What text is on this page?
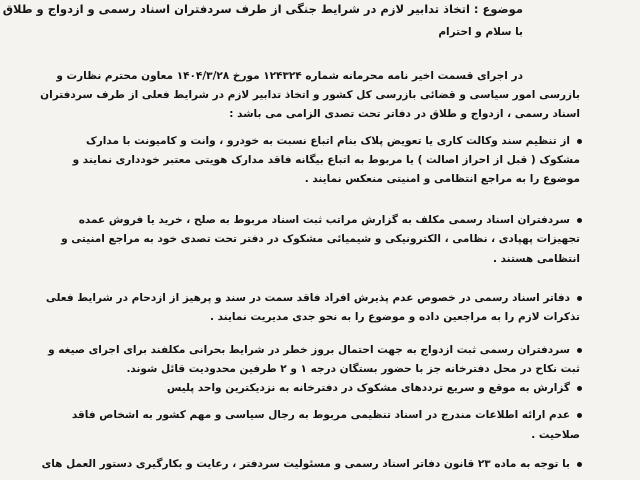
موضوع : اتخاذ تدابیر لازم در شرایط جنگی از طرف سردفتران اسناد رسمی و ازدواج و طلاق
با سلام و احترام
در اجرای قسمت اخیر نامه محرمانه شماره ۱۲۴۳۲۴ مورخ ۱۴۰۴/۳/۲۸ معاون محترم نظارت و
بازرسی امور سیاسی و قضائی بازرسی کل کشور و اتخاذ تدابیر لازم در شرایط فعلی از طرف سردفتران
اسناد رسمی ، ازدواج و طلاق در دفاتر تحت تصدی الزامی می باشد :
از تنظیم سند وکالت کاری یا تعویض پلاک بنام اتباع نسبت به خودرو ، وانت و کامیونت با مدارک
مشکوک ( قبل از احراز اصالت ) یا مربوط به اتباع بیگانه فاقد مدارک هویتی معتبر خودداری نمایند و
موضوع را به مراجع انتظامی و امنیتی منعکس نمایند .
سردفتران اسناد رسمی مکلف به گزارش مراتب ثبت اسناد مربوط به صلح ، خرید یا فروش عمده
تجهیزات پهپادی ، نظامی ، الکترونیکی و شیمیائی مشکوک در دفتر تحت تصدی خود به مراجع امنیتی و
انتظامی هستند .
دفاتر اسناد رسمی در خصوص عدم پذیرش افراد فاقد سمت در سند و پرهیز از ازدحام در شرایط فعلی
تذکرات لازم را به مراجعین داده و موضوع را به نحو جدی مدیریت نمایند .
سردفتران رسمی ثبت ازدواج به جهت احتمال بروز خطر در شرایط بحرانی مکلفند برای اجرای صیغه و
ثبت نکاح در محل دفترخانه جز با حضور بستگان درجه ۱ و ۲ طرفین محدودیت قائل شوند.
گزارش به موقع و سریع ترددهای مشکوک در دفترخانه به نزدیکترین واحد پلیس
عدم ارائه اطلاعات مندرج در اسناد تنظیمی مربوط به رجال سیاسی و مهم کشور به اشخاص فاقد
صلاحیت .
با توجه به ماده ۲۳ قانون دفاتر اسناد رسمی و مسئولیت سردفتر ، رعایت و بکارگیری دستور العمل های
